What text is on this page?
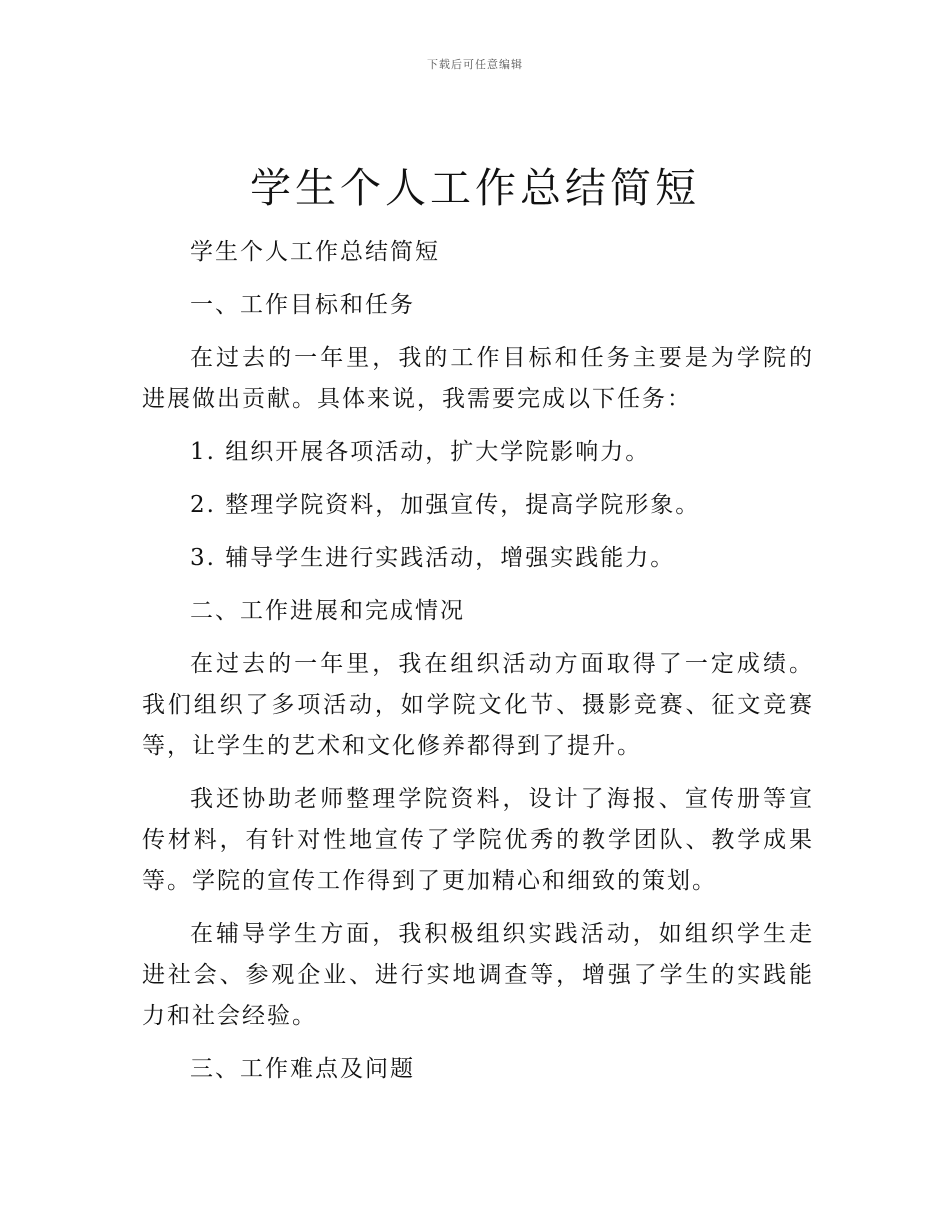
下载后可任意编辑
学生个人工作总结简短

学生个人工作总结简短

一、工作目标和任务

在过去的一年里，我的工作目标和任务主要是为学院的进展做出贡献。具体来说，我需要完成以下任务：

1. 组织开展各项活动，扩大学院影响力。

2. 整理学院资料，加强宣传，提高学院形象。

3. 辅导学生进行实践活动，增强实践能力。

二、工作进展和完成情况

在过去的一年里，我在组织活动方面取得了一定成绩。我们组织了多项活动，如学院文化节、摄影竞赛、征文竞赛等，让学生的艺术和文化修养都得到了提升。

我还协助老师整理学院资料，设计了海报、宣传册等宣传材料，有针对性地宣传了学院优秀的教学团队、教学成果等。学院的宣传工作得到了更加精心和细致的策划。

在辅导学生方面，我积极组织实践活动，如组织学生走进社会、参观企业、进行实地调查等，增强了学生的实践能力和社会经验。

三、工作难点及问题
